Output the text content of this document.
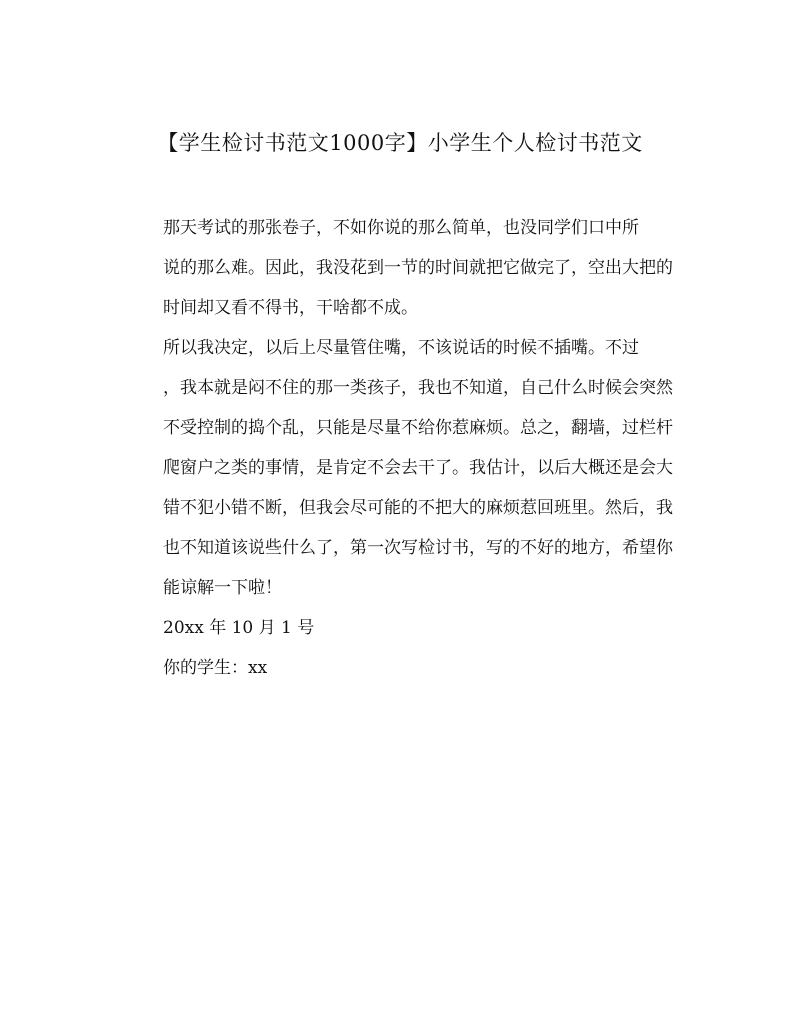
【学生检讨书范文1000字】小学生个人检讨书范文

那天考试的那张卷子，不如你说的那么简单，也没同学们口中所
说的那么难。因此，我没花到一节的时间就把它做完了，空出大把的
时间却又看不得书，干啥都不成。

所以我决定，以后上尽量管住嘴，不该说话的时候不插嘴。不过
，我本就是闷不住的那一类孩子，我也不知道，自己什么时候会突然
不受控制的捣个乱，只能是尽量不给你惹麻烦。总之，翻墙，过栏杆
爬窗户之类的事情，是肯定不会去干了。我估计，以后大概还是会大
错不犯小错不断，但我会尽可能的不把大的麻烦惹回班里。然后，我
也不知道该说些什么了，第一次写检讨书，写的不好的地方，希望你
能谅解一下啦！

20xx 年 10 月 1 号

你的学生：xx
